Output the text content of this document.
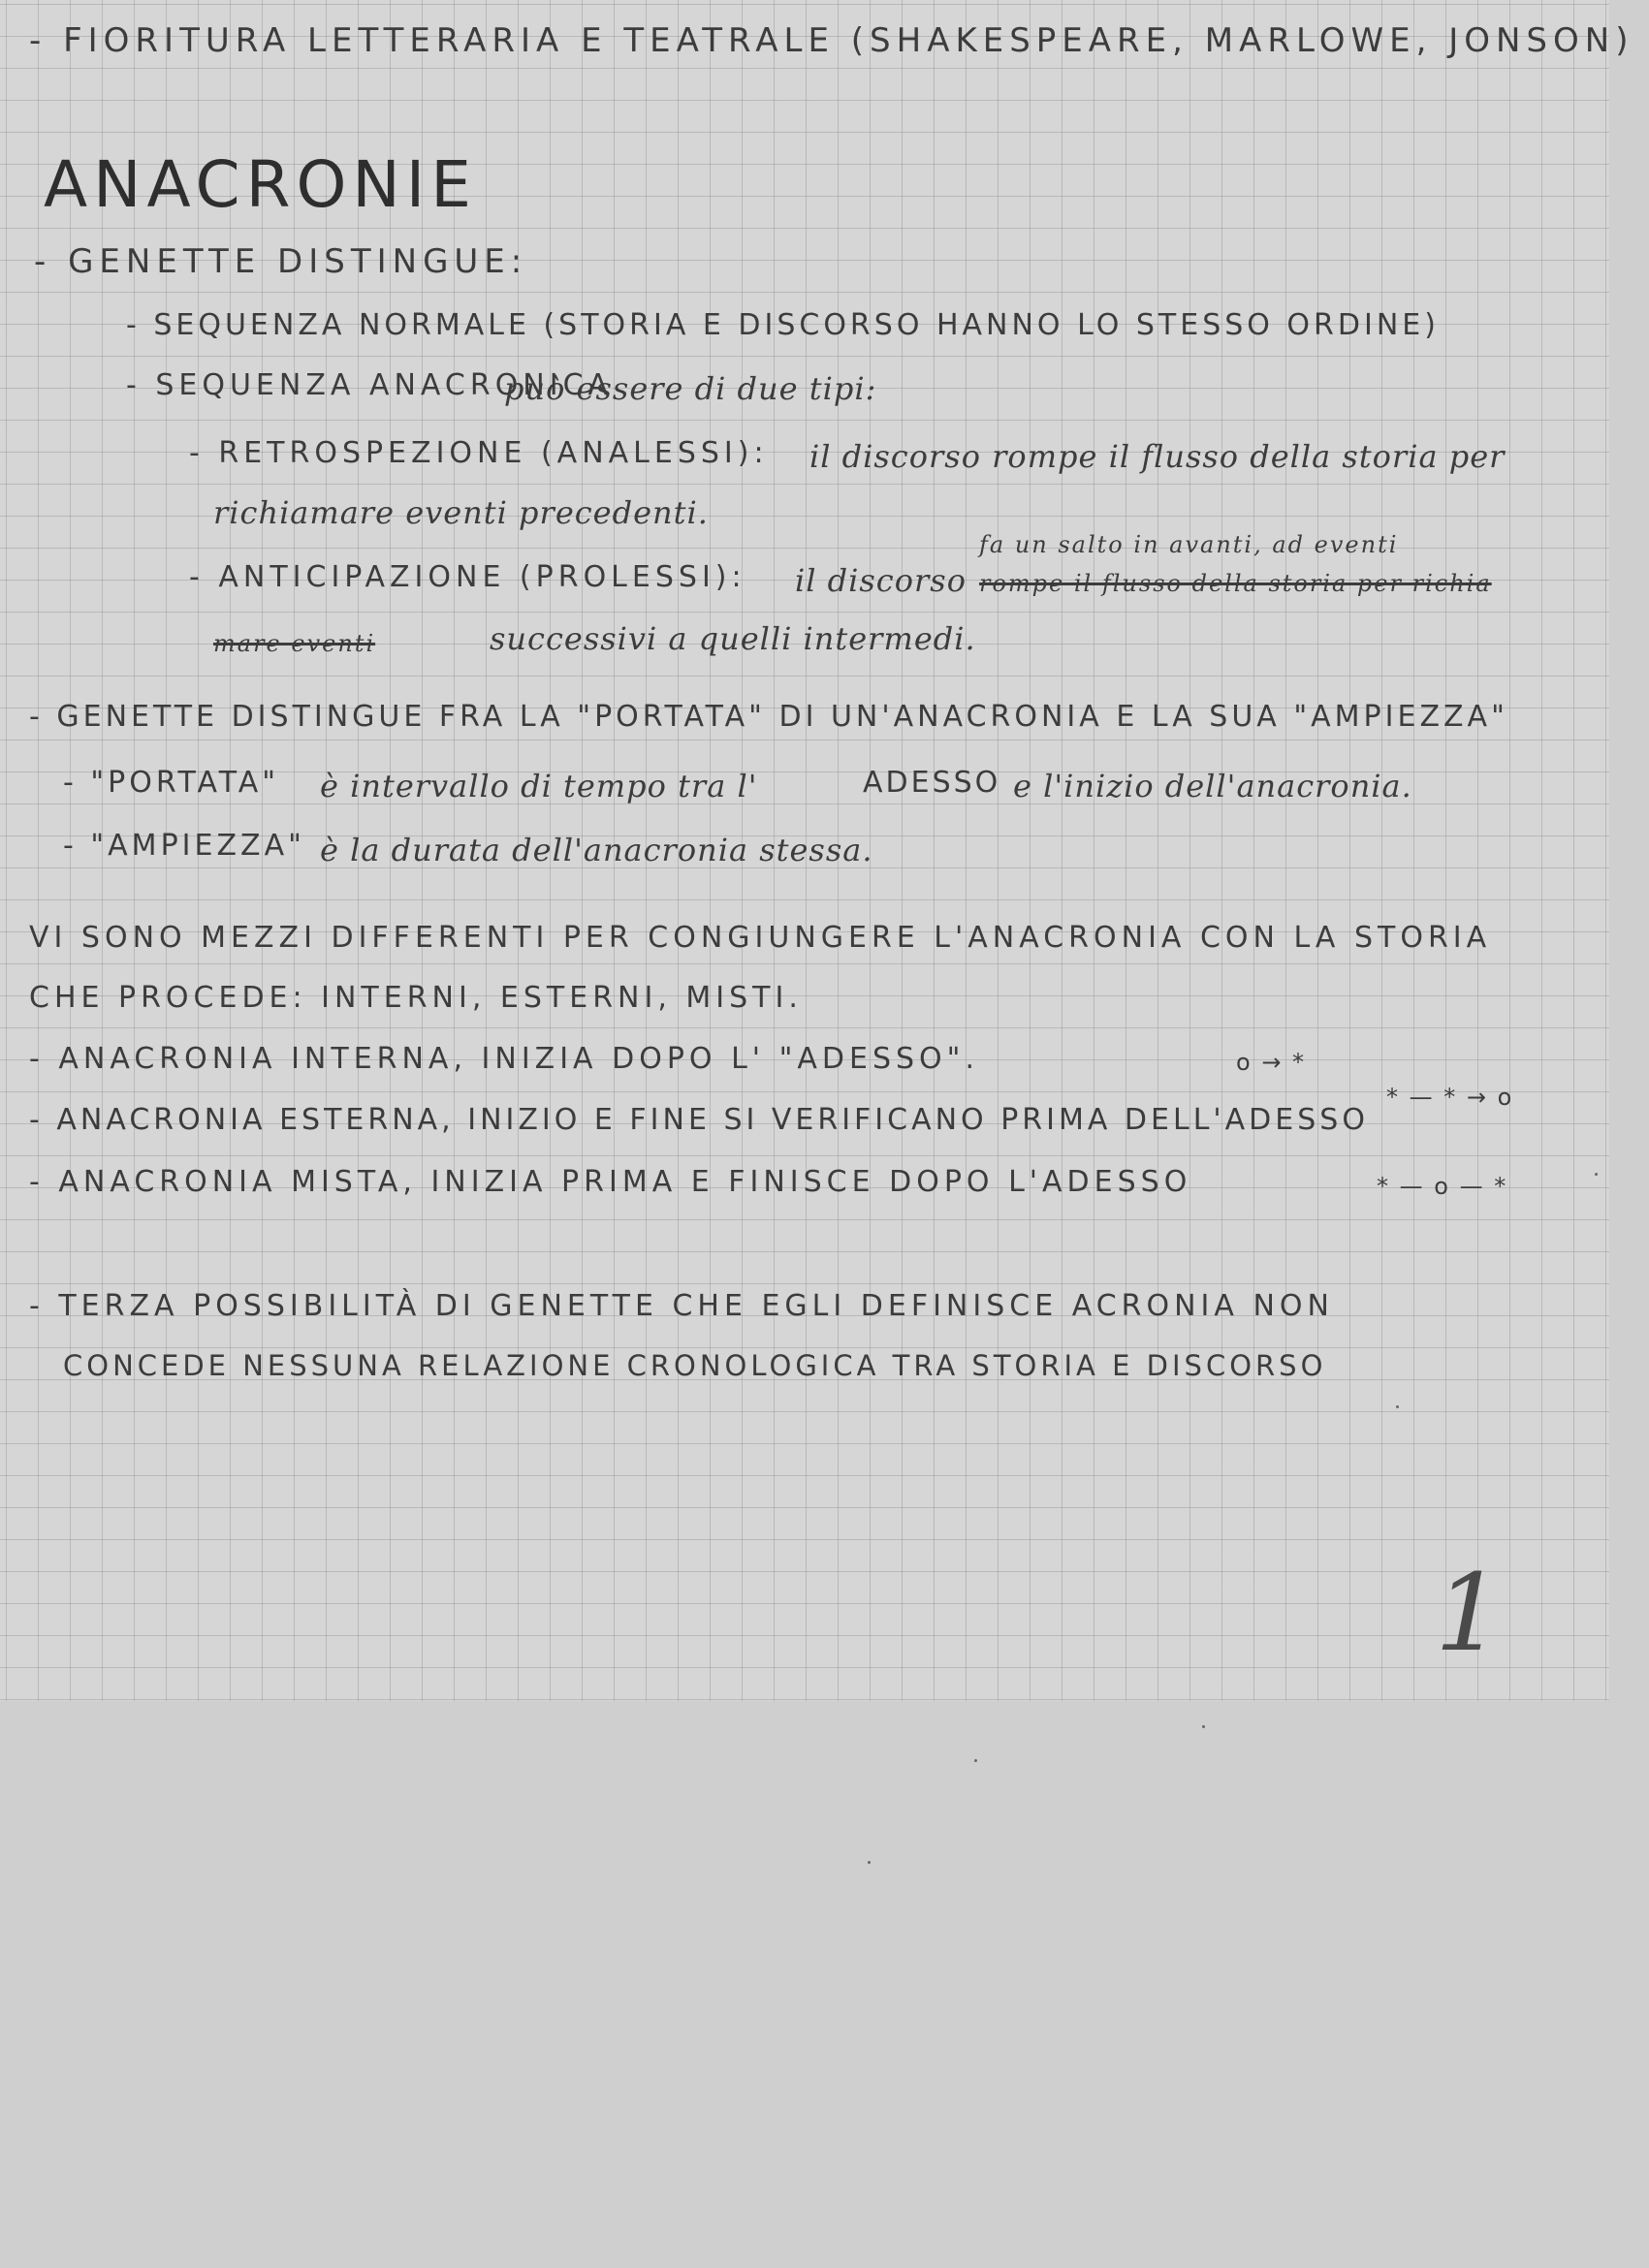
- FIORITURA LETTERARIA E TEATRALE (SHAKESPEARE, MARLOWE, JONSON)
ANACRONIE
- GENETTE DISTINGUE:
- SEQUENZA NORMALE (STORIA E DISCORSO HANNO LO STESSO ORDINE)
- SEQUENZA ANACRONICA
può essere di due tipi:
- RETROSPEZIONE (ANALESSI): il discorso rompe il flusso della storia per
richiamare eventi precedenti.
fa un salto in avanti, ad eventi
- ANTICIPAZIONE (PROLESSI): il discorso rompe il flusso della storia per richia
mare eventi	successivi a quelli intermedi.
- GENETTE DISTINGUE FRA LA "PORTATA" DI UN'ANACRONIA E LA SUA "AMPIEZZA"
- "PORTATA" è intervallo di tempo tra l'	ADESSO e l'inizio dell'anacronia.
- "AMPIEZZA" è la durata dell'anacronia stessa.
VI SONO MEZZI DIFFERENTI PER CONGIUNGERE L'ANACRONIA CON LA STORIA
CHE PROCEDE: INTERNI, ESTERNI, MISTI.
- ANACRONIA INTERNA, INIZIA DOPO L' "ADESSO".	o → *
- ANACRONIA ESTERNA, INIZIO E FINE SI VERIFICANO PRIMA DELL'ADESSO
* — * → o
- ANACRONIA MISTA, INIZIA PRIMA E FINISCE DOPO L'ADESSO	* — o — *
- TERZA POSSIBILITÀ DI GENETTE CHE EGLI DEFINISCE ACRONIA NON
CONCEDE NESSUNA RELAZIONE CRONOLOGICA TRA STORIA E DISCORSO
1
